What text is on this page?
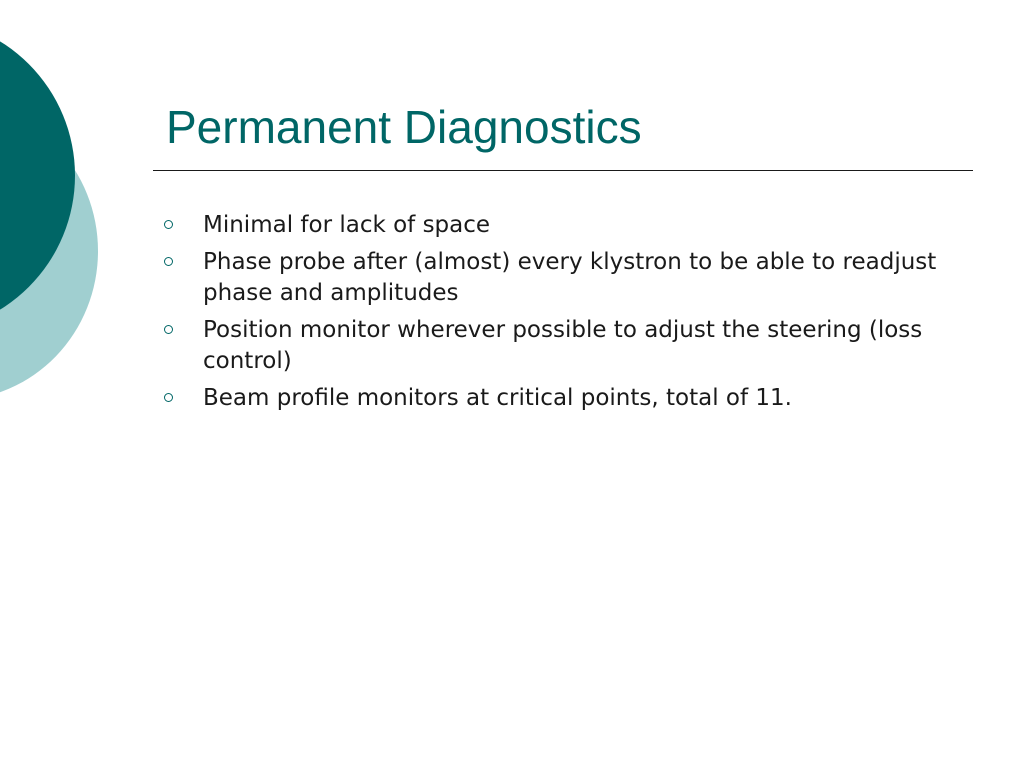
Permanent Diagnostics
Minimal for lack of space
Phase probe after (almost) every klystron to be able to readjust phase and amplitudes
Position monitor wherever possible to adjust the steering (loss control)
Beam profile monitors at critical points, total of 11.
